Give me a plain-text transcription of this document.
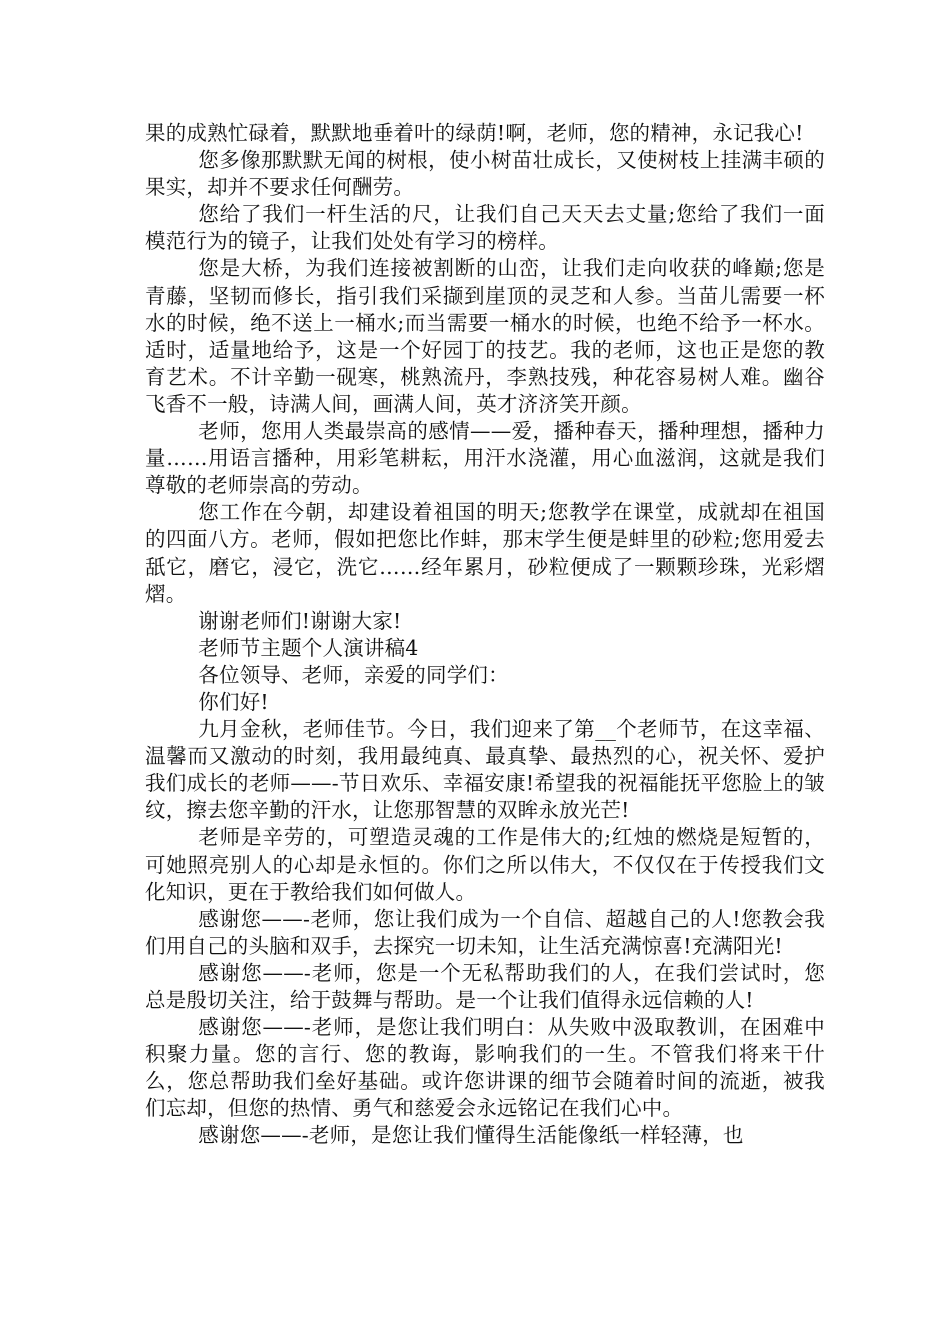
果的成熟忙碌着，默默地垂着叶的绿荫!啊，老师，您的精神，永记我心!

您多像那默默无闻的树根，使小树苗壮成长，又使树枝上挂满丰硕的果实，却并不要求任何酬劳。

您给了我们一杆生活的尺，让我们自己天天去丈量;您给了我们一面模范行为的镜子，让我们处处有学习的榜样。

您是大桥，为我们连接被割断的山峦，让我们走向收获的峰巅;您是青藤，坚韧而修长，指引我们采撷到崖顶的灵芝和人参。当苗儿需要一杯水的时候，绝不送上一桶水;而当需要一桶水的时候，也绝不给予一杯水。适时，适量地给予，这是一个好园丁的技艺。我的老师，这也正是您的教育艺术。不计辛勤一砚寒，桃熟流丹，李熟技残，种花容易树人难。幽谷飞香不一般，诗满人间，画满人间，英才济济笑开颜。

老师，您用人类最崇高的感情——爱，播种春天，播种理想，播种力量……用语言播种，用彩笔耕耘，用汗水浇灌，用心血滋润，这就是我们尊敬的老师崇高的劳动。

您工作在今朝，却建设着祖国的明天;您教学在课堂，成就却在祖国的四面八方。老师，假如把您比作蚌，那末学生便是蚌里的砂粒;您用爱去舐它，磨它，浸它，洗它……经年累月，砂粒便成了一颗颗珍珠，光彩熠熠。

谢谢老师们!谢谢大家!

老师节主题个人演讲稿4

各位领导、老师，亲爱的同学们：

你们好!

九月金秋，老师佳节。今日，我们迎来了第__个老师节，在这幸福、温馨而又激动的时刻，我用最纯真、最真挚、最热烈的心，祝关怀、爱护我们成长的老师——-节日欢乐、幸福安康!希望我的祝福能抚平您脸上的皱纹，擦去您辛勤的汗水，让您那智慧的双眸永放光芒!

老师是辛劳的，可塑造灵魂的工作是伟大的;红烛的燃烧是短暂的，可她照亮别人的心却是永恒的。你们之所以伟大，不仅仅在于传授我们文化知识，更在于教给我们如何做人。

感谢您——-老师，您让我们成为一个自信、超越自己的人!您教会我们用自己的头脑和双手，去探究一切未知，让生活充满惊喜!充满阳光!

感谢您——-老师，您是一个无私帮助我们的人，在我们尝试时，您总是殷切关注，给于鼓舞与帮助。是一个让我们值得永远信赖的人!

感谢您——-老师，是您让我们明白：从失败中汲取教训，在困难中积聚力量。您的言行、您的教诲，影响我们的一生。不管我们将来干什么，您总帮助我们垒好基础。或许您讲课的细节会随着时间的流逝，被我们忘却，但您的热情、勇气和慈爱会永远铭记在我们心中。

感谢您——-老师，是您让我们懂得生活能像纸一样轻薄，也
